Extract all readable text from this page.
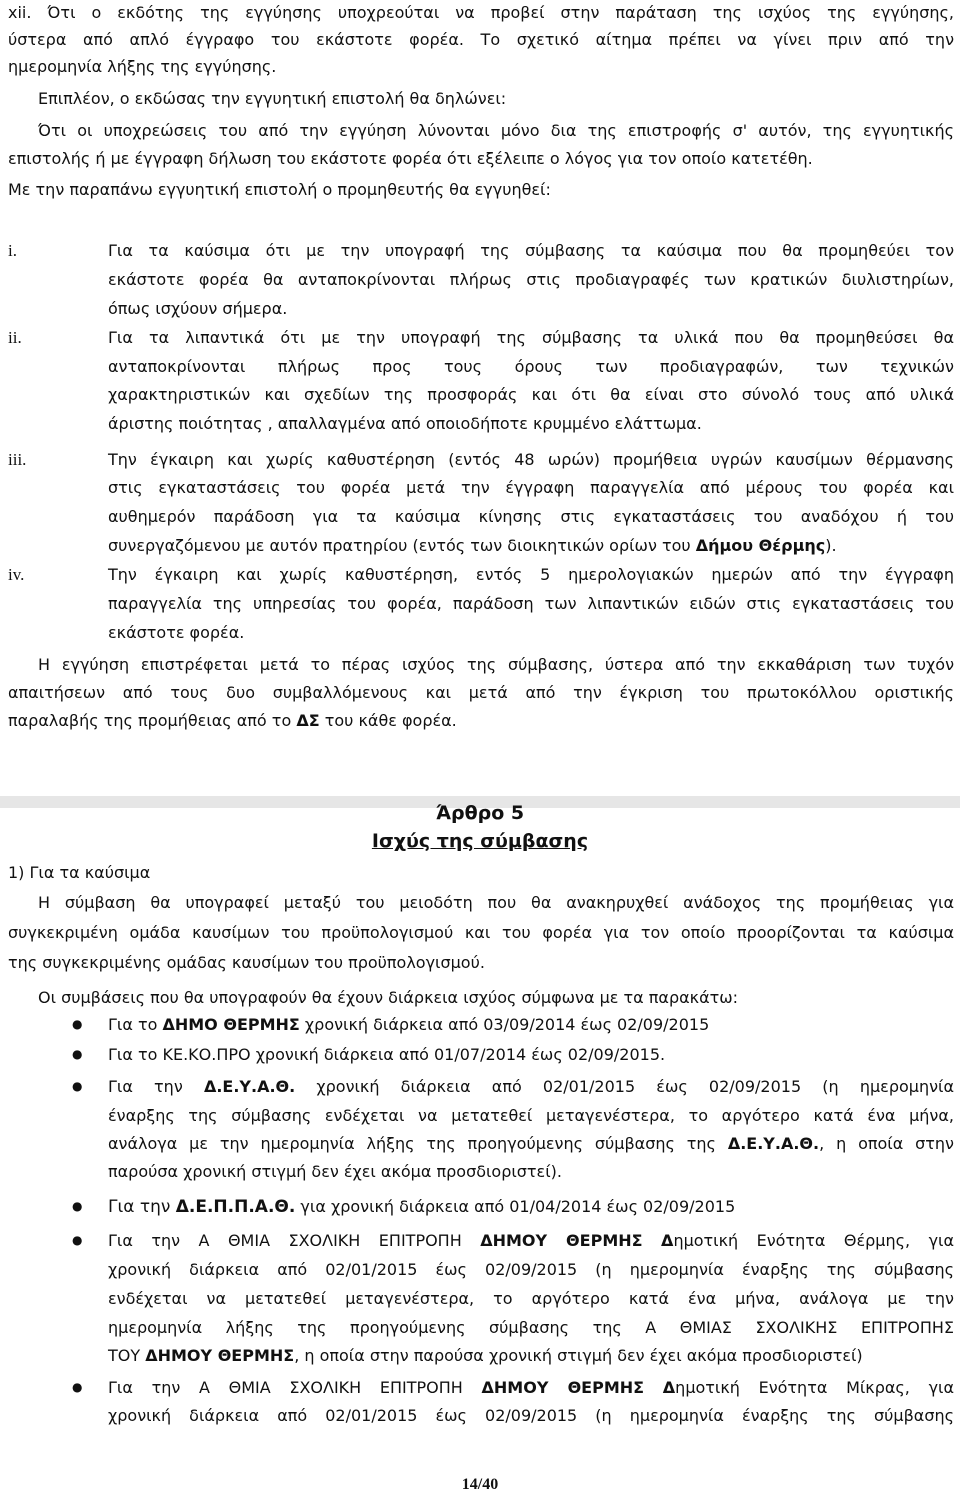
xii. Ότι ο εκδότης της εγγύησης υποχρεούται να προβεί στην παράταση της ισχύος της εγγύησης,
ύστερα από απλό έγγραφο του εκάστοτε φορέα. Το σχετικό αίτημα πρέπει να γίνει πριν από την
ημερομηνία λήξης της εγγύησης.
Επιπλέον, ο εκδώσας την εγγυητική επιστολή θα δηλώνει:
Ότι οι υποχρεώσεις του από την εγγύηση λύνονται μόνο δια της επιστροφής σ' αυτόν, της εγγυητικής
επιστολής ή με έγγραφη δήλωση του εκάστοτε φορέα ότι εξέλειπε ο λόγος για τον οποίο κατετέθη.
Με την παραπάνω εγγυητική επιστολή ο προμηθευτής θα εγγυηθεί:
i.	Για τα καύσιμα ότι με την υπογραφή της σύμβασης τα καύσιμα που θα προμηθεύει τον
εκάστοτε φορέα θα ανταποκρίνονται πλήρως στις προδιαγραφές των κρατικών διυλιστηρίων,
όπως ισχύουν σήμερα.
ii.	Για τα λιπαντικά ότι με την υπογραφή της σύμβασης τα υλικά που θα προμηθεύσει θα
ανταποκρίνονται πλήρως προς τους όρους των προδιαγραφών, των τεχνικών
χαρακτηριστικών και σχεδίων της προσφοράς και ότι θα είναι στο σύνολό τους από υλικά
άριστης ποιότητας , απαλλαγμένα από οποιοδήποτε κρυμμένο ελάττωμα.
iii.	Την έγκαιρη και χωρίς καθυστέρηση (εντός 48 ωρών) προμήθεια υγρών καυσίμων θέρμανσης
στις εγκαταστάσεις του φορέα μετά την έγγραφη παραγγελία από μέρους του φορέα και
αυθημερόν παράδοση για τα καύσιμα κίνησης στις εγκαταστάσεις του αναδόχου ή του
συνεργαζόμενου με αυτόν πρατηρίου (εντός των διοικητικών ορίων του Δήμου Θέρμης).
iv.	Την έγκαιρη και χωρίς καθυστέρηση, εντός 5 ημερολογιακών ημερών από την έγγραφη
παραγγελία της υπηρεσίας του φορέα, παράδοση των λιπαντικών ειδών στις εγκαταστάσεις του
εκάστοτε φορέα.
Η εγγύηση επιστρέφεται μετά το πέρας ισχύος της σύμβασης, ύστερα από την εκκαθάριση των τυχόν
απαιτήσεων από τους δυο συμβαλλόμενους και μετά από την έγκριση του πρωτοκόλλου οριστικής
παραλαβής της προμήθειας από το ΔΣ του κάθε φορέα.
Άρθρο 5
Ισχύς της σύμβασης
1) Για τα καύσιμα
Η σύμβαση θα υπογραφεί μεταξύ του μειοδότη που θα ανακηρυχθεί ανάδοχος της προμήθειας για
συγκεκριμένη ομάδα καυσίμων του προϋπολογισμού και του φορέα για τον οποίο προορίζονται τα καύσιμα
της συγκεκριμένης ομάδας καυσίμων του προϋπολογισμού.
Οι συμβάσεις που θα υπογραφούν θα έχουν διάρκεια ισχύος σύμφωνα με τα παρακάτω:
● Για το ΔΗΜΟ ΘΕΡΜΗΣ χρονική διάρκεια από 03/09/2014 έως 02/09/2015
● Για το ΚΕ.ΚΟ.ΠΡΟ χρονική διάρκεια από 01/07/2014 έως 02/09/2015.
● Για την Δ.Ε.Υ.Α.Θ. χρονική διάρκεια από 02/01/2015 έως 02/09/2015 (η ημερομηνία
έναρξης της σύμβασης ενδέχεται να μετατεθεί μεταγενέστερα, το αργότερο κατά ένα μήνα,
ανάλογα με την ημερομηνία λήξης της προηγούμενης σύμβασης της Δ.Ε.Υ.Α.Θ., η οποία στην
παρούσα χρονική στιγμή δεν έχει ακόμα προσδιοριστεί).
● Για την Δ.Ε.Π.Π.Α.Θ. για χρονική διάρκεια από 01/04/2014 έως 02/09/2015
● Για την Α ΘΜΙΑ ΣΧΟΛΙΚΗ ΕΠΙΤΡΟΠΗ ΔΗΜΟΥ ΘΕΡΜΗΣ Δημοτική Ενότητα Θέρμης, για
χρονική διάρκεια από 02/01/2015 έως 02/09/2015 (η ημερομηνία έναρξης της σύμβασης
ενδέχεται να μετατεθεί μεταγενέστερα, το αργότερο κατά ένα μήνα, ανάλογα με την
ημερομηνία λήξης της προηγούμενης σύμβασης της Α ΘΜΙΑΣ ΣΧΟΛΙΚΗΣ ΕΠΙΤΡΟΠΗΣ
ΤΟΥ ΔΗΜΟΥ ΘΕΡΜΗΣ, η οποία στην παρούσα χρονική στιγμή δεν έχει ακόμα προσδιοριστεί)
● Για την Α ΘΜΙΑ ΣΧΟΛΙΚΗ ΕΠΙΤΡΟΠΗ ΔΗΜΟΥ ΘΕΡΜΗΣ Δημοτική Ενότητα Μίκρας, για
χρονική διάρκεια από 02/01/2015 έως 02/09/2015 (η ημερομηνία έναρξης της σύμβασης
14/40
